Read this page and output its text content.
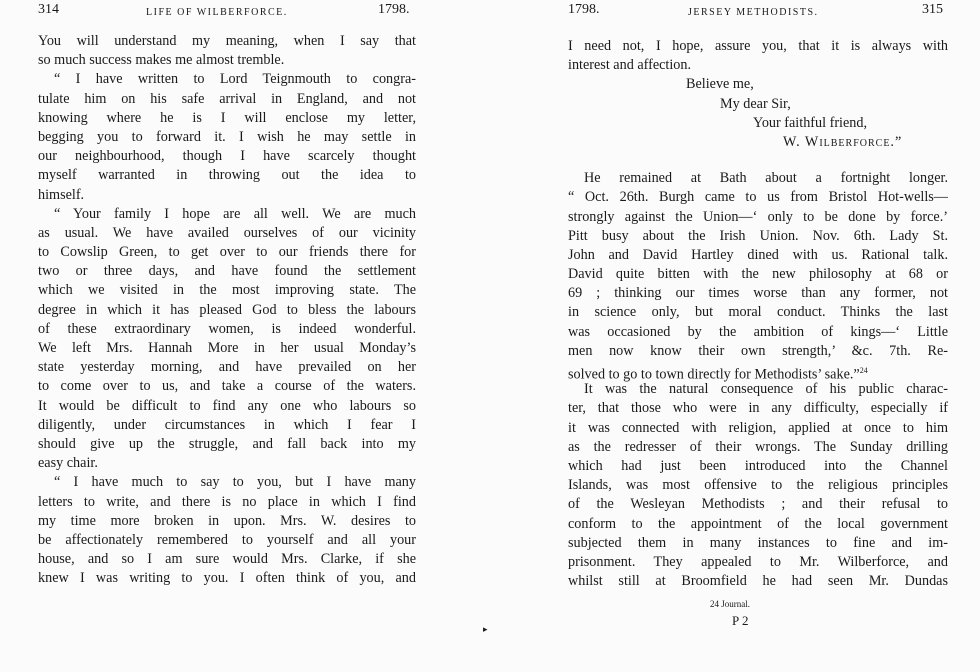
314	LIFE OF WILBERFORCE.	1798.
You will understand my meaning, when I say that
so much success makes me almost tremble.
“ I have written to Lord Teignmouth to congra-
tulate him on his safe arrival in England, and not
knowing where he is I will enclose my letter,
begging you to forward it. I wish he may settle in
our neighbourhood, though I have scarcely thought
myself warranted in throwing out the idea to
himself.
“ Your family I hope are all well. We are much
as usual. We have availed ourselves of our vicinity
to Cowslip Green, to get over to our friends there for
two or three days, and have found the settlement
which we visited in the most improving state. The
degree in which it has pleased God to bless the labours
of these extraordinary women, is indeed wonderful.
We left Mrs. Hannah More in her usual Monday’s
state yesterday morning, and have prevailed on her
to come over to us, and take a course of the waters.
It would be difficult to find any one who labours so
diligently, under circumstances in which I fear I
should give up the struggle, and fall back into my
easy chair.
“ I have much to say to you, but I have many
letters to write, and there is no place in which I find
my time more broken in upon. Mrs. W. desires to
be affectionately remembered to yourself and all your
house, and so I am sure would Mrs. Clarke, if she
knew I was writing to you. I often think of you, and
▸
1798.	JERSEY METHODISTS.	315
I need not, I hope, assure you, that it is always with
interest and affection.
Believe me,
My dear Sir,
Your faithful friend,
W. Wilberforce.”
He remained at Bath about a fortnight longer.
“ Oct. 26th. Burgh came to us from Bristol Hot-wells—
strongly against the Union—‘ only to be done by force.’
Pitt busy about the Irish Union. Nov. 6th. Lady St.
John and David Hartley dined with us. Rational talk.
David quite bitten with the new philosophy at 68 or
69 ; thinking our times worse than any former, not
in science only, but moral conduct. Thinks the last
was occasioned by the ambition of kings—‘ Little
men now know their own strength,’ &c. 7th. Re-
solved to go to town directly for Methodists’ sake.”$^{24}$
It was the natural consequence of his public charac-
ter, that those who were in any difficulty, especially if
it was connected with religion, applied at once to him
as the redresser of their wrongs. The Sunday drilling
which had just been introduced into the Channel
Islands, was most offensive to the religious principles
of the Wesleyan Methodists ; and their refusal to
conform to the appointment of the local government
subjected them in many instances to fine and im-
prisonment. They appealed to Mr. Wilberforce, and
whilst still at Broomfield he had seen Mr. Dundas
24 Journal.
P 2
